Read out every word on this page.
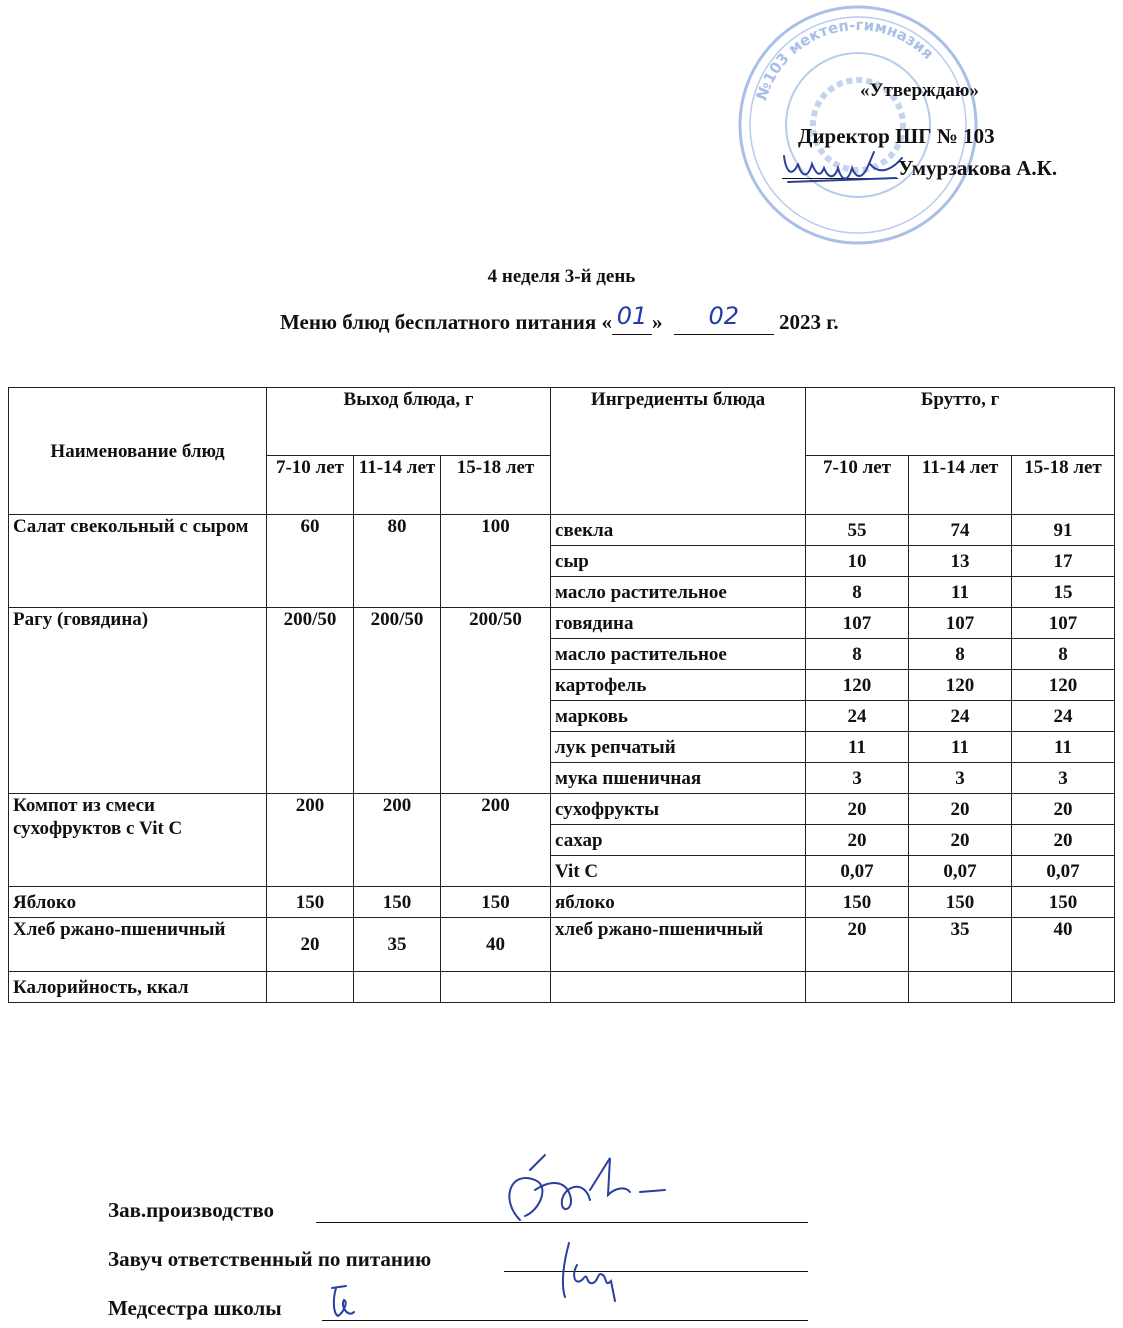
№103 мектеп-гимназия
«Утверждаю»
Директор ШГ № 103
Умурзакова А.К.
4 неделя 3-й день
Меню блюд бесплатного питания « 01 »	02	2023 г.
Наименование блюд	Выход блюда, г			Ингредиенты блюда	Брутто, г		
	7-10 лет	11-14 лет	15-18 лет		7-10 лет	11-14 лет	15-18 лет
Салат свекольный с сыром	60	80	100	свекла	55	74	91
				сыр	10	13	17
				масло растительное	8	11	15
Рагу (говядина)	200/50	200/50	200/50	говядина	107	107	107
				масло растительное	8	8	8
				картофель	120	120	120
				марковь	24	24	24
				лук репчатый	11	11	11
				мука пшеничная	3	3	3
Компот из смеси сухофруктов с Vit C	200	200	200	сухофрукты	20	20	20
				сахар	20	20	20
				Vit C	0,07	0,07	0,07
Яблоко	150	150	150	яблоко	150	150	150
Хлеб ржано-пшеничный	20	35	40	хлеб ржано-пшеничный	20	35	40
Калорийность, ккал							
Зав.производство
Завуч ответственный по питанию
Медсестра школы
